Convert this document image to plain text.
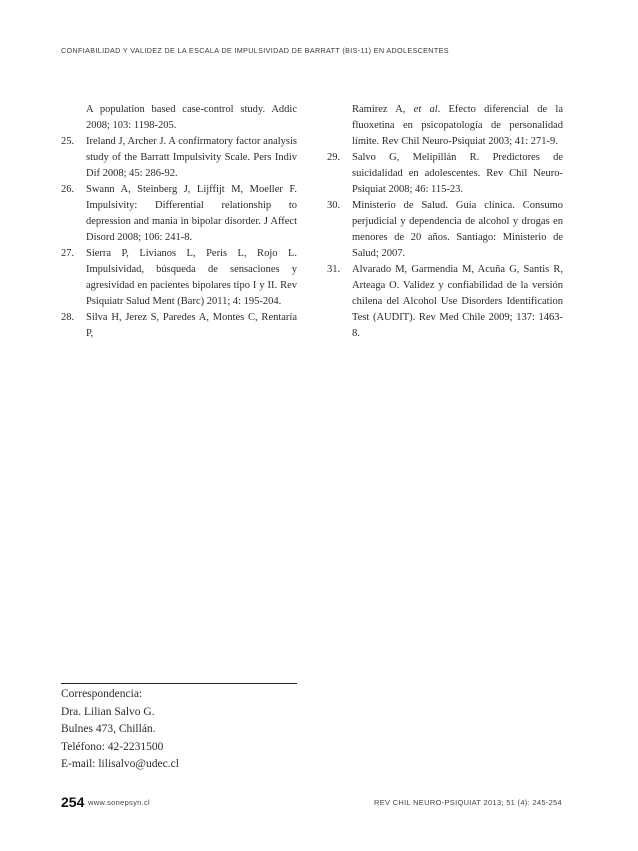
CONFIABILIDAD Y VALIDEZ DE LA ESCALA DE IMPULSIVIDAD DE BARRATT (BIS-11) EN ADOLESCENTES

A population based case-control study. Addic 2008; 103: 1198-205.

25.	Ireland J, Archer J. A confirmatory factor analysis study of the Barratt Impulsivity Scale. Pers Indiv Dif 2008; 45: 286-92.

26.	Swann A, Steinberg J, Lijffijt M, Moeller F. Impulsivity: Differential relationship to depression and mania in bipolar disorder. J Affect Disord 2008; 106: 241-8.

27.	Sierra P, Livianos L, Peris L, Rojo L. Impulsividad, búsqueda de sensaciones y agresividad en pacientes bipolares tipo I y II. Rev Psiquiatr Salud Ment (Barc) 2011; 4: 195-204.

28.	Silva H, Jerez S, Paredes A, Montes C, Rentaría P,

Ramírez A, et al. Efecto diferencial de la fluoxetina en psicopatología de personalidad límite. Rev Chil Neuro-Psiquiat 2003; 41: 271-9.

29.	Salvo G, Melipillán R. Predictores de suicidalidad en adolescentes. Rev Chil Neuro-Psiquiat 2008; 46: 115-23.

30.	Ministerio de Salud. Guía clínica. Consumo perjudicial y dependencia de alcohol y drogas en menores de 20 años. Santiago: Ministerio de Salud; 2007.

31.	Alvarado M, Garmendia M, Acuña G, Santis R, Arteaga O. Validez y confiabilidad de la versión chilena del Alcohol Use Disorders Identification Test (AUDIT). Rev Med Chile 2009; 137: 1463-8.

Correspondencia:
Dra. Lilian Salvo G.
Bulnes 473, Chillán.
Teléfono: 42-2231500
E-mail: lilisalvo@udec.cl
254 www.sonepsyn.cl	REV CHIL NEURO-PSIQUIAT 2013; 51 (4): 245-254
